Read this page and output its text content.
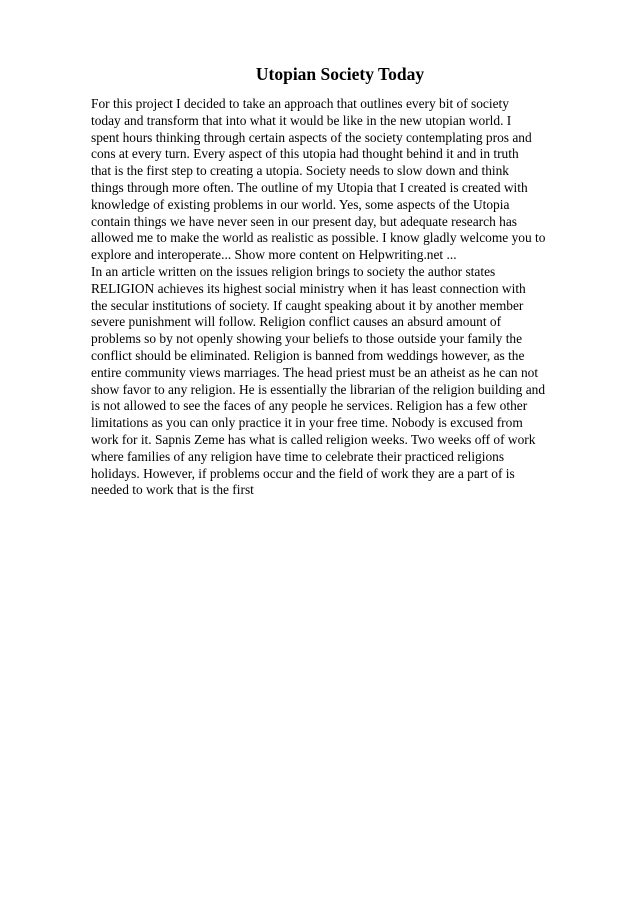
Utopian Society Today
For this project I decided to take an approach that outlines every bit of society
today and transform that into what it would be like in the new utopian world. I
spent hours thinking through certain aspects of the society contemplating pros and
cons at every turn. Every aspect of this utopia had thought behind it and in truth
that is the first step to creating a utopia. Society needs to slow down and think
things through more often. The outline of my Utopia that I created is created with
knowledge of existing problems in our world. Yes, some aspects of the Utopia
contain things we have never seen in our present day, but adequate research has
allowed me to make the world as realistic as possible. I know gladly welcome you to
explore and interoperate... Show more content on Helpwriting.net ...
In an article written on the issues religion brings to society the author states
RELIGION achieves its highest social ministry when it has least connection with
the secular institutions of society. If caught speaking about it by another member
severe punishment will follow. Religion conflict causes an absurd amount of
problems so by not openly showing your beliefs to those outside your family the
conflict should be eliminated. Religion is banned from weddings however, as the
entire community views marriages. The head priest must be an atheist as he can not
show favor to any religion. He is essentially the librarian of the religion building and
is not allowed to see the faces of any people he services. Religion has a few other
limitations as you can only practice it in your free time. Nobody is excused from
work for it. Sapnis Zeme has what is called religion weeks. Two weeks off of work
where families of any religion have time to celebrate their practiced religions
holidays. However, if problems occur and the field of work they are a part of is
needed to work that is the first
